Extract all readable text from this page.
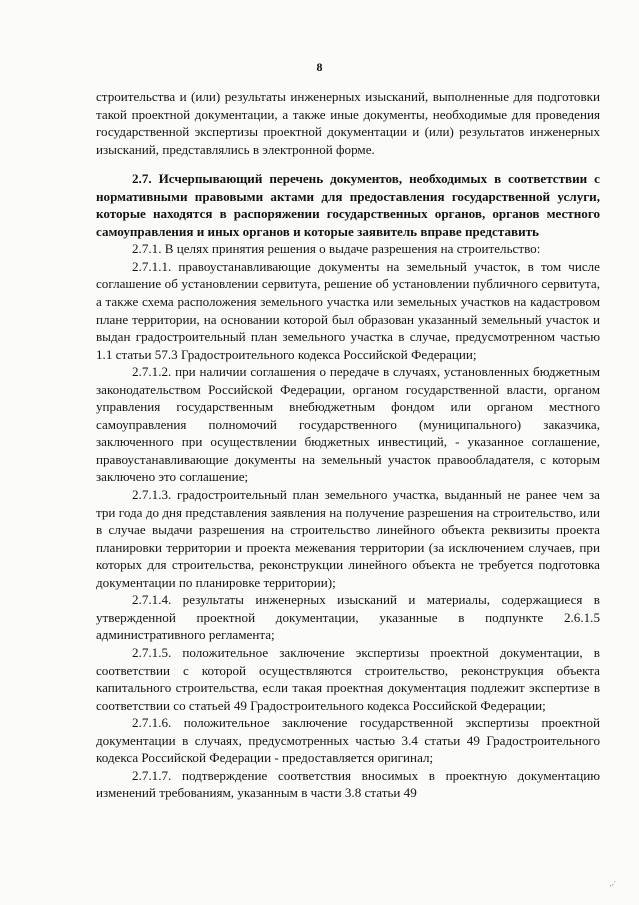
8

строительства и (или) результаты инженерных изысканий, выполненные для подготовки такой проектной документации, а также иные документы, необходимые для проведения государственной экспертизы проектной документации и (или) результатов инженерных изысканий, представлялись в электронной форме.

2.7. Исчерпывающий перечень документов, необходимых в соответствии с нормативными правовыми актами для предоставления государственной услуги, которые находятся в распоряжении государственных органов, органов местного самоуправления и иных органов и которые заявитель вправе представить

2.7.1. В целях принятия решения о выдаче разрешения на строительство:

2.7.1.1. правоустанавливающие документы на земельный участок, в том числе соглашение об установлении сервитута, решение об установлении публичного сервитута, а также схема расположения земельного участка или земельных участков на кадастровом плане территории, на основании которой был образован указанный земельный участок и выдан градостроительный план земельного участка в случае, предусмотренном частью 1.1 статьи 57.3 Градостроительного кодекса Российской Федерации;

2.7.1.2. при наличии соглашения о передаче в случаях, установленных бюджетным законодательством Российской Федерации, органом государственной власти, органом управления государственным внебюджетным фондом или органом местного самоуправления полномочий государственного (муниципального) заказчика, заключенного при осуществлении бюджетных инвестиций, - указанное соглашение, правоустанавливающие документы на земельный участок правообладателя, с которым заключено это соглашение;

2.7.1.3. градостроительный план земельного участка, выданный не ранее чем за три года до дня представления заявления на получение разрешения на строительство, или в случае выдачи разрешения на строительство линейного объекта реквизиты проекта планировки территории и проекта межевания территории (за исключением случаев, при которых для строительства, реконструкции линейного объекта не требуется подготовка документации по планировке территории);

2.7.1.4. результаты инженерных изысканий и материалы, содержащиеся в утвержденной проектной документации, указанные в подпункте 2.6.1.5 административного регламента;

2.7.1.5. положительное заключение экспертизы проектной документации, в соответствии с которой осуществляются строительство, реконструкция объекта капитального строительства, если такая проектная документация подлежит экспертизе в соответствии со статьей 49 Градостроительного кодекса Российской Федерации;

2.7.1.6. положительное заключение государственной экспертизы проектной документации в случаях, предусмотренных частью 3.4 статьи 49 Градостроительного кодекса Российской Федерации - предоставляется оригинал;

2.7.1.7. подтверждение соответствия вносимых в проектную документацию изменений требованиям, указанным в части 3.8 статьи 49

⸱⸱˙
